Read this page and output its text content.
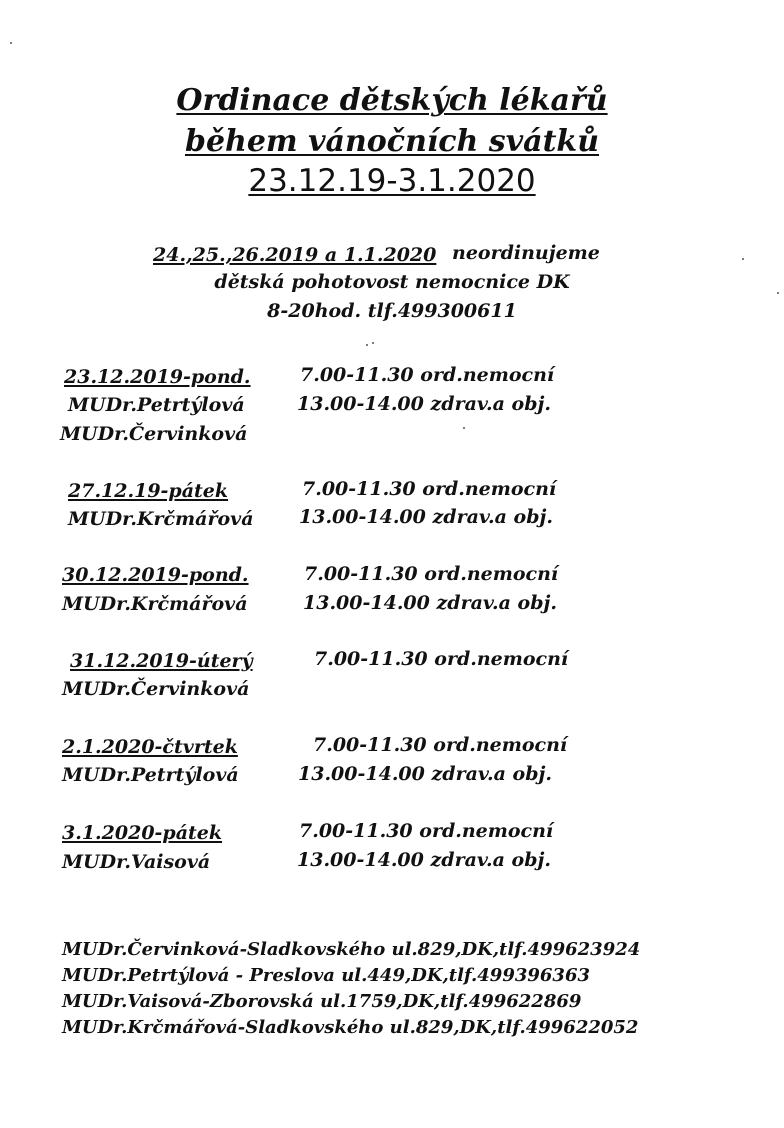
Ordinace dětských lékařů
během vánočních svátků
23.12.19-3.1.2020
24.,25.,26.2019 a 1.1.2020 neordinujeme
dětská pohotovost nemocnice DK
8-20hod. tlf.499300611
23.12.2019-pond.
MUDr.Petrtýlová
MUDr.Červinková
7.00-11.30 ord.nemocní
13.00-14.00 zdrav.a obj.
27.12.19-pátek
MUDr.Krčmářová
7.00-11.30 ord.nemocní
13.00-14.00 zdrav.a obj.
30.12.2019-pond.
MUDr.Krčmářová
7.00-11.30 ord.nemocní
13.00-14.00 zdrav.a obj.
31.12.2019-úterý
MUDr.Červinková
7.00-11.30 ord.nemocní
2.1.2020-čtvrtek
MUDr.Petrtýlová
7.00-11.30 ord.nemocní
13.00-14.00 zdrav.a obj.
3.1.2020-pátek
MUDr.Vaisová
7.00-11.30 ord.nemocní
13.00-14.00 zdrav.a obj.
MUDr.Červinková-Sladkovského ul.829,DK,tlf.499623924
MUDr.Petrtýlová - Preslova ul.449,DK,tlf.499396363
MUDr.Vaisová-Zborovská ul.1759,DK,tlf.499622869
MUDr.Krčmářová-Sladkovského ul.829,DK,tlf.499622052
